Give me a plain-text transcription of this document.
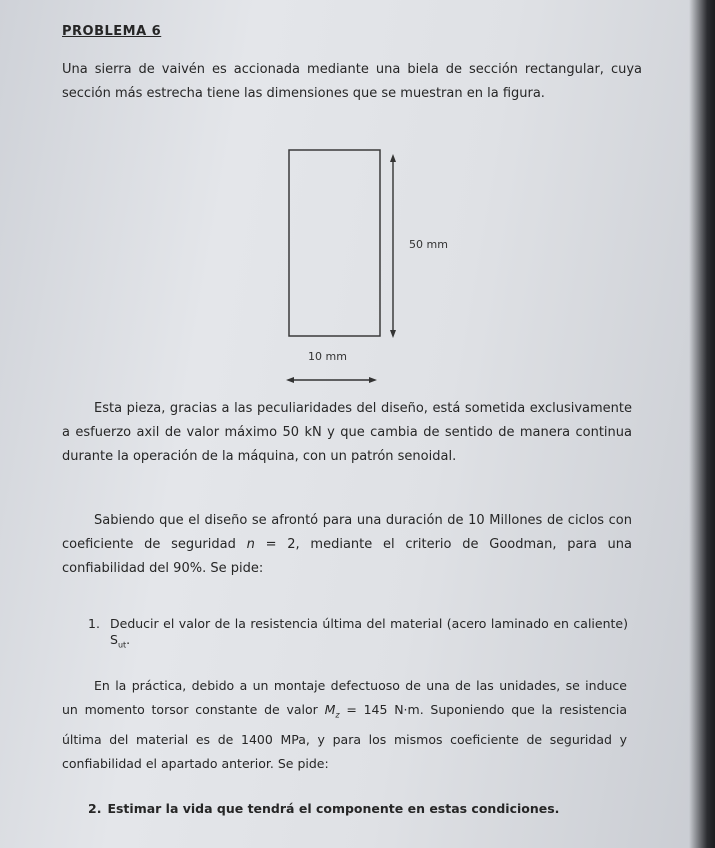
PROBLEMA 6
Una sierra de vaivén es accionada mediante una biela de sección rectangular, cuya sección más estrecha tiene las dimensiones que se muestran en la figura.
50 mm
10 mm
Esta pieza, gracias a las peculiaridades del diseño, está sometida exclusivamente a esfuerzo axil de valor máximo 50 kN y que cambia de sentido de manera continua durante la operación de la máquina, con un patrón senoidal.
Sabiendo que el diseño se afrontó para una duración de 10 Millones de ciclos con coeficiente de seguridad n = 2, mediante el criterio de Goodman, para una confiabilidad del 90%. Se pide:
1. Deducir el valor de la resistencia última del material (acero laminado en caliente) $S_{ut}$.
En la práctica, debido a un montaje defectuoso de una de las unidades, se induce un momento torsor constante de valor $M_z = 145$ N·m. Suponiendo que la resistencia última del material es de 1400 MPa, y para los mismos coeficiente de seguridad y confiabilidad el apartado anterior. Se pide:
2. Estimar la vida que tendrá el componente en estas condiciones.
